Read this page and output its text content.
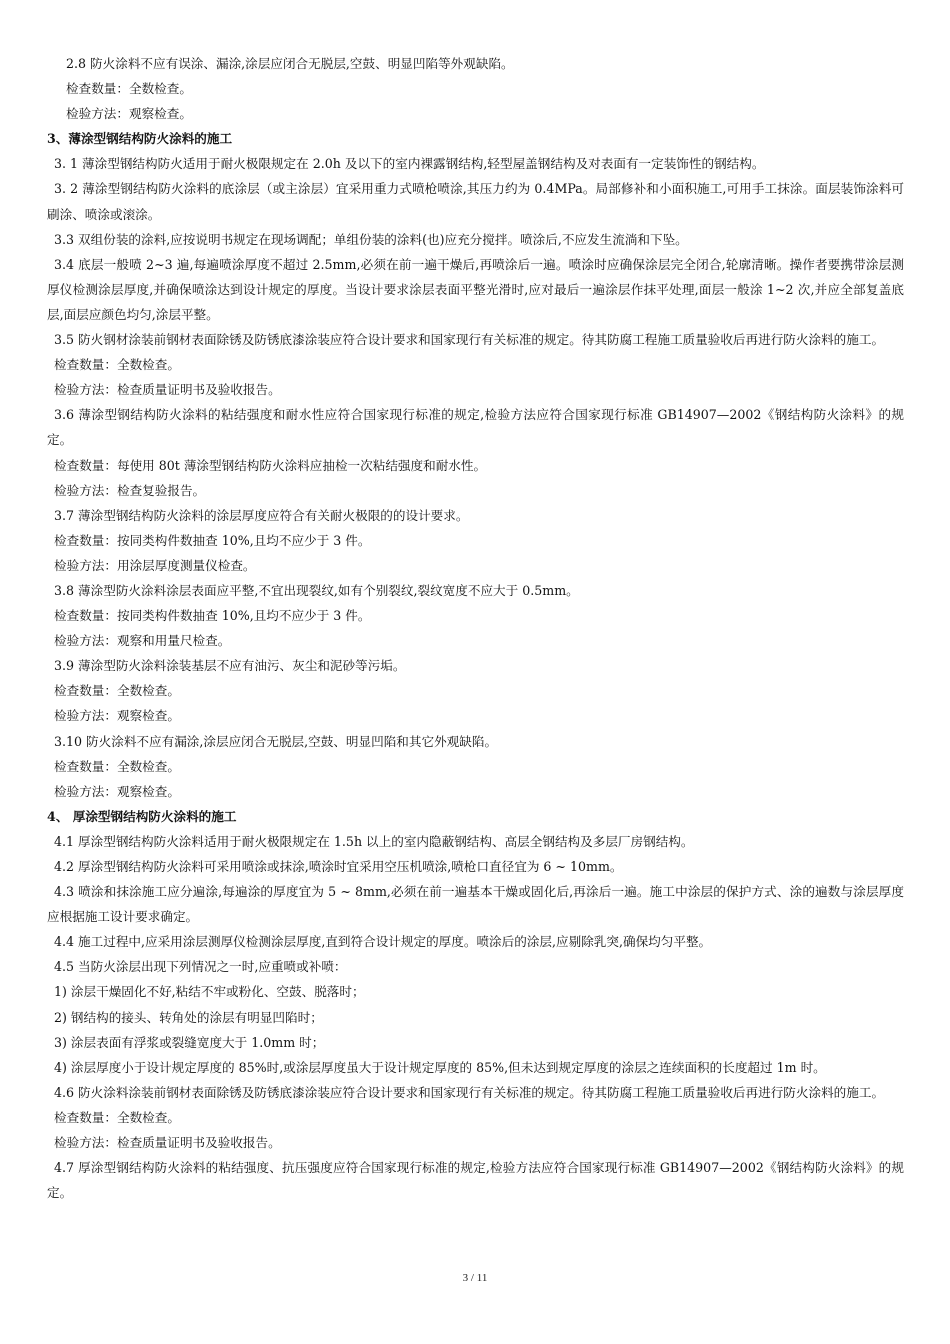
2.8 防火涂料不应有误涂、漏涂,涂层应闭合无脱层,空鼓、明显凹陷等外观缺陷。

检查数量：全数检查。

检验方法：观察检查。

3、薄涂型钢结构防火涂料的施工

3. 1 薄涂型钢结构防火适用于耐火极限规定在 2.0h 及以下的室内裸露钢结构,轻型屋盖钢结构及对表面有一定装饰性的钢结构。

3. 2 薄涂型钢结构防火涂料的底涂层（或主涂层）宜采用重力式喷枪喷涂,其压力约为 0.4MPa。局部修补和小面积施工,可用手工抹涂。面层装饰涂料可刷涂、喷涂或滚涂。

3.3 双组份装的涂料,应按说明书规定在现场调配；单组份装的涂料(也)应充分搅拌。喷涂后,不应发生流淌和下坠。

3.4 底层一般喷 2~3 遍,每遍喷涂厚度不超过 2.5mm,必须在前一遍干燥后,再喷涂后一遍。喷涂时应确保涂层完全闭合,轮廓清晰。操作者要携带涂层测厚仪检测涂层厚度,并确保喷涂达到设计规定的厚度。当设计要求涂层表面平整光滑时,应对最后一遍涂层作抹平处理,面层一般涂 1~2 次,并应全部复盖底层,面层应颜色均匀,涂层平整。

3.5 防火钢材涂装前钢材表面除锈及防锈底漆涂装应符合设计要求和国家现行有关标准的规定。待其防腐工程施工质量验收后再进行防火涂料的施工。

检查数量：全数检查。

检验方法：检查质量证明书及验收报告。

3.6 薄涂型钢结构防火涂料的粘结强度和耐水性应符合国家现行标准的规定,检验方法应符合国家现行标准 GB14907—2002《钢结构防火涂料》的规定。

检查数量：每使用 80t 薄涂型钢结构防火涂料应抽检一次粘结强度和耐水性。

检验方法：检查复验报告。

3.7 薄涂型钢结构防火涂料的涂层厚度应符合有关耐火极限的的设计要求。

检查数量：按同类构件数抽查 10%,且均不应少于 3 件。

检验方法：用涂层厚度测量仪检查。

3.8 薄涂型防火涂料涂层表面应平整,不宜出现裂纹,如有个别裂纹,裂纹宽度不应大于 0.5mm。

检查数量：按同类构件数抽查 10%,且均不应少于 3 件。

检验方法：观察和用量尺检查。

3.9 薄涂型防火涂料涂装基层不应有油污、灰尘和泥砂等污垢。

检查数量：全数检查。

检验方法：观察检查。

3.10 防火涂料不应有漏涂,涂层应闭合无脱层,空鼓、明显凹陷和其它外观缺陷。

检查数量：全数检查。

检验方法：观察检查。

4、 厚涂型钢结构防火涂料的施工

4.1 厚涂型钢结构防火涂料适用于耐火极限规定在 1.5h 以上的室内隐蔽钢结构、高层全钢结构及多层厂房钢结构。

4.2 厚涂型钢结构防火涂料可采用喷涂或抹涂,喷涂时宜采用空压机喷涂,喷枪口直径宜为 6 ~ 10mm。

4.3 喷涂和抹涂施工应分遍涂,每遍涂的厚度宜为 5 ~ 8mm,必须在前一遍基本干燥或固化后,再涂后一遍。施工中涂层的保护方式、涂的遍数与涂层厚度应根据施工设计要求确定。

4.4 施工过程中,应采用涂层测厚仪检测涂层厚度,直到符合设计规定的厚度。喷涂后的涂层,应剔除乳突,确保均匀平整。

4.5 当防火涂层出现下列情况之一时,应重喷或补喷：

1) 涂层干燥固化不好,粘结不牢或粉化、空鼓、脱落时；

2) 钢结构的接头、转角处的涂层有明显凹陷时；

3) 涂层表面有浮浆或裂缝宽度大于 1.0mm 时；

4) 涂层厚度小于设计规定厚度的 85%时,或涂层厚度虽大于设计规定厚度的 85%,但未达到规定厚度的涂层之连续面积的长度超过 1m 时。

4.6 防火涂料涂装前钢材表面除锈及防锈底漆涂装应符合设计要求和国家现行有关标准的规定。待其防腐工程施工质量验收后再进行防火涂料的施工。

检查数量：全数检查。

检验方法：检查质量证明书及验收报告。

4.7 厚涂型钢结构防火涂料的粘结强度、抗压强度应符合国家现行标准的规定,检验方法应符合国家现行标准 GB14907—2002《钢结构防火涂料》的规定。

3 / 11
